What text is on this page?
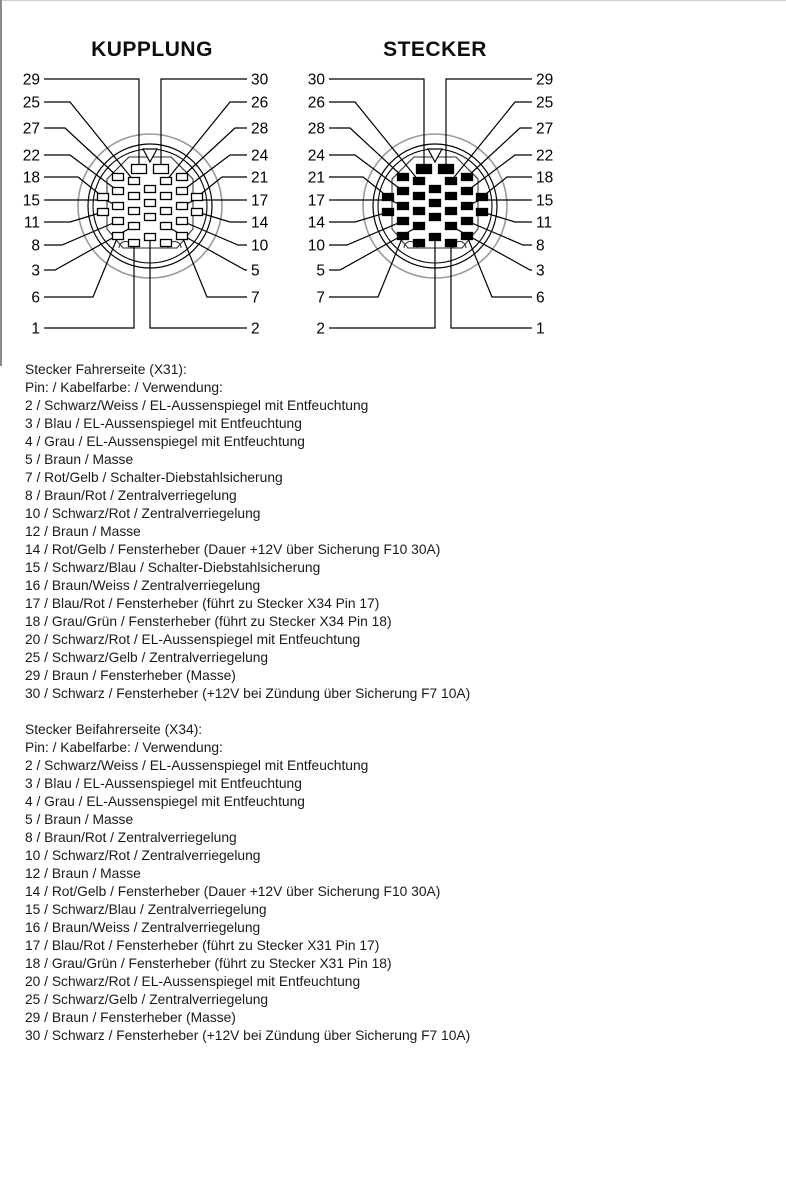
29
25
27
22
18
15
11
8
3
6
1
30
26
28
24
21
17
14
10
5
7
2
30
26
28
24
21
17
14
10
5
7
2
29
25
27
22
18
15
11
8
3
6
1
KUPPLUNG	STECKER
Stecker Fahrerseite (X31):
Pin: / Kabelfarbe: / Verwendung:
2 / Schwarz/Weiss / EL-Aussenspiegel mit Entfeuchtung
3 / Blau / EL-Aussenspiegel mit Entfeuchtung
4 / Grau / EL-Aussenspiegel mit Entfeuchtung
5 / Braun / Masse
7 / Rot/Gelb / Schalter-Diebstahlsicherung
8 / Braun/Rot / Zentralverriegelung
10 / Schwarz/Rot / Zentralverriegelung
12 / Braun / Masse
14 / Rot/Gelb / Fensterheber (Dauer +12V über Sicherung F10 30A)
15 / Schwarz/Blau / Schalter-Diebstahlsicherung
16 / Braun/Weiss / Zentralverriegelung
17 / Blau/Rot / Fensterheber (führt zu Stecker X34 Pin 17)
18 / Grau/Grün / Fensterheber (führt zu Stecker X34 Pin 18)
20 / Schwarz/Rot / EL-Aussenspiegel mit Entfeuchtung
25 / Schwarz/Gelb / Zentralverriegelung
29 / Braun / Fensterheber (Masse)
30 / Schwarz / Fensterheber (+12V bei Zündung über Sicherung F7 10A)
Stecker Beifahrerseite (X34):
Pin: / Kabelfarbe: / Verwendung:
2 / Schwarz/Weiss / EL-Aussenspiegel mit Entfeuchtung
3 / Blau / EL-Aussenspiegel mit Entfeuchtung
4 / Grau / EL-Aussenspiegel mit Entfeuchtung
5 / Braun / Masse
8 / Braun/Rot / Zentralverriegelung
10 / Schwarz/Rot / Zentralverriegelung
12 / Braun / Masse
14 / Rot/Gelb / Fensterheber (Dauer +12V über Sicherung F10 30A)
15 / Schwarz/Blau / Zentralverriegelung
16 / Braun/Weiss / Zentralverriegelung
17 / Blau/Rot / Fensterheber (führt zu Stecker X31 Pin 17)
18 / Grau/Grün / Fensterheber (führt zu Stecker X31 Pin 18)
20 / Schwarz/Rot / EL-Aussenspiegel mit Entfeuchtung
25 / Schwarz/Gelb / Zentralverriegelung
29 / Braun / Fensterheber (Masse)
30 / Schwarz / Fensterheber (+12V bei Zündung über Sicherung F7 10A)
